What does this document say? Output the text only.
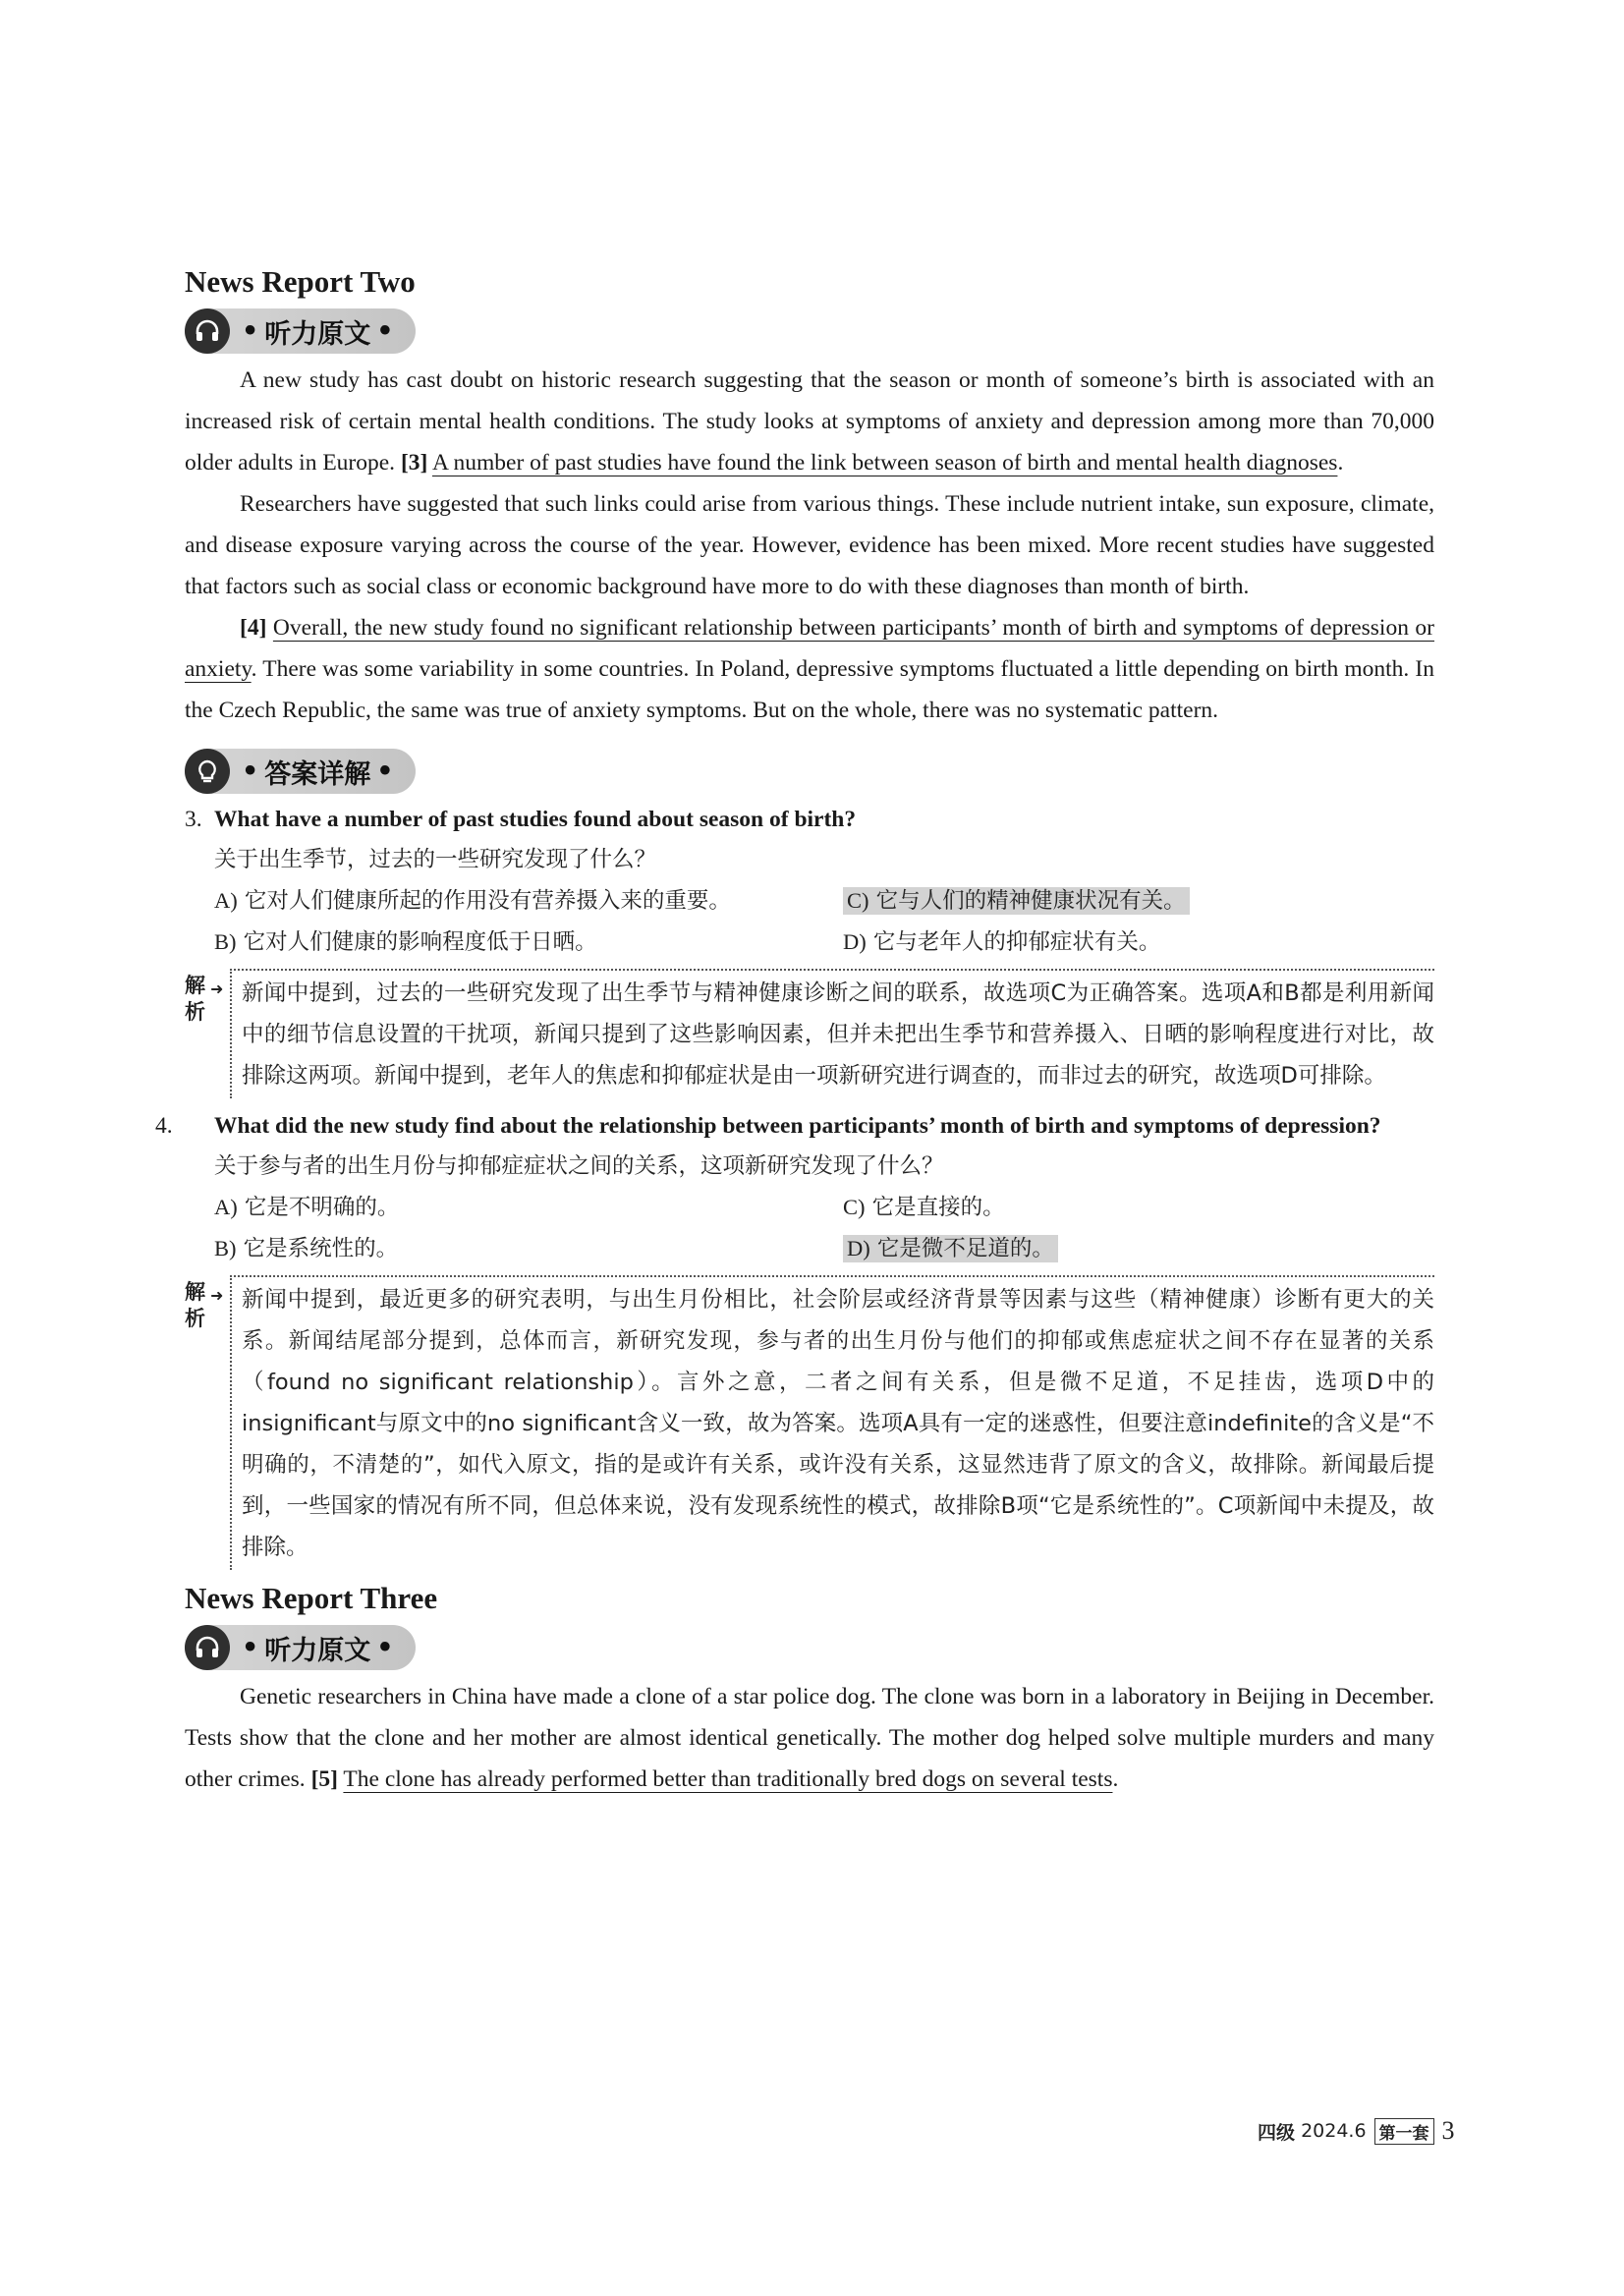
News Report Two
• 听力原文 •

A new study has cast doubt on historic research suggesting that the season or month of someone’s birth is associated with an increased risk of certain mental health conditions. The study looks at symptoms of anxiety and depression among more than 70,000 older adults in Europe. [3] A number of past studies have found the link between season of birth and mental health diagnoses.

Researchers have suggested that such links could arise from various things. These include nutrient intake, sun exposure, climate, and disease exposure varying across the course of the year. However, evidence has been mixed. More recent studies have suggested that factors such as social class or economic background have more to do with these diagnoses than month of birth.

[4] Overall, the new study found no significant relationship between participants’ month of birth and symptoms of depression or anxiety. There was some variability in some countries. In Poland, depressive symptoms fluctuated a little depending on birth month. In the Czech Republic, the same was true of anxiety symptoms. But on the whole, there was no systematic pattern.

• 答案详解 •

3. What have a number of past studies found about season of birth?

关于出生季节，过去的一些研究发现了什么？

A) 它对人们健康所起的作用没有营养摄入来的重要。	C) 它与人们的精神健康状况有关。
B) 它对人们健康的影响程度低于日晒。	D) 它与老年人的抑郁症状有关。
解析
➜ 新闻中提到，过去的一些研究发现了出生季节与精神健康诊断之间的联系，故选项C为正确答案。选项A和B都是利用新闻中的细节信息设置的干扰项，新闻只提到了这些影响因素，但并未把出生季节和营养摄入、日晒的影响程度进行对比，故排除这两项。新闻中提到，老年人的焦虑和抑郁症状是由一项新研究进行调查的，而非过去的研究，故选项D可排除。

4. What did the new study find about the relationship between participants’ month of birth and symptoms of depression?

关于参与者的出生月份与抑郁症症状之间的关系，这项新研究发现了什么？

A) 它是不明确的。	C) 它是直接的。
B) 它是系统性的。	D) 它是微不足道的。
解析
➜ 新闻中提到，最近更多的研究表明，与出生月份相比，社会阶层或经济背景等因素与这些（精神健康）诊断有更大的关系。新闻结尾部分提到，总体而言，新研究发现，参与者的出生月份与他们的抑郁或焦虑症状之间不存在显著的关系（found no significant relationship）。言外之意，二者之间有关系，但是微不足道，不足挂齿，选项D中的insignificant与原文中的no significant含义一致，故为答案。选项A具有一定的迷惑性，但要注意indefinite的含义是“不明确的，不清楚的”，如代入原文，指的是或许有关系，或许没有关系，这显然违背了原文的含义，故排除。新闻最后提到，一些国家的情况有所不同，但总体来说，没有发现系统性的模式，故排除B项“它是系统性的”。C项新闻中未提及，故排除。
News Report Three
• 听力原文 •

Genetic researchers in China have made a clone of a star police dog. The clone was born in a laboratory in Beijing in December. Tests show that the clone and her mother are almost identical genetically. The mother dog helped solve multiple murders and many other crimes. [5] The clone has already performed better than traditionally bred dogs on several tests.

四级
2024.6 第一套 3
